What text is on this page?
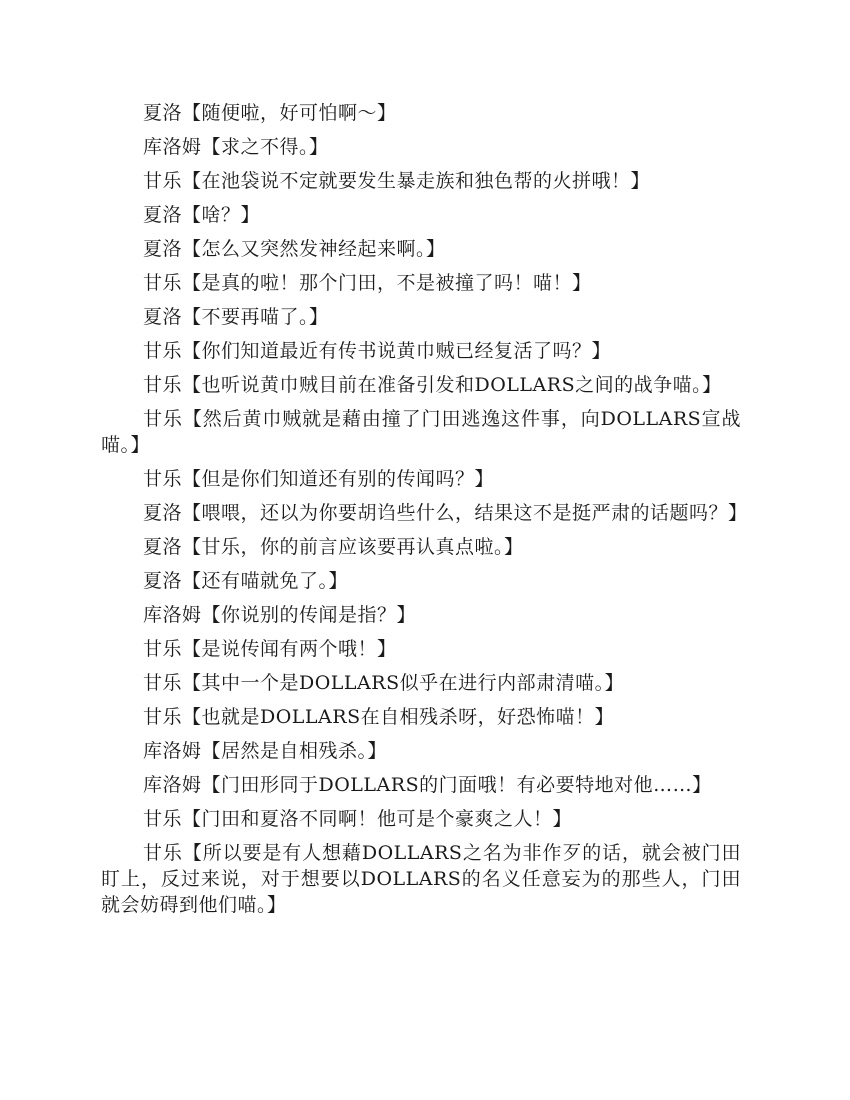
夏洛【随便啦，好可怕啊～】

库洛姆【求之不得。】

甘乐【在池袋说不定就要发生暴走族和独色帮的火拼哦！】

夏洛【啥？】

夏洛【怎么又突然发神经起来啊。】

甘乐【是真的啦！那个门田，不是被撞了吗！喵！】

夏洛【不要再喵了。】

甘乐【你们知道最近有传书说黄巾贼已经复活了吗？】

甘乐【也听说黄巾贼目前在准备引发和DOLLARS之间的战争喵。】

甘乐【然后黄巾贼就是藉由撞了门田逃逸这件事，向DOLLARS宣战喵。】

甘乐【但是你们知道还有别的传闻吗？】

夏洛【喂喂，还以为你要胡诌些什么，结果这不是挺严肃的话题吗？】

夏洛【甘乐，你的前言应该要再认真点啦。】

夏洛【还有喵就免了。】

库洛姆【你说别的传闻是指？】

甘乐【是说传闻有两个哦！】

甘乐【其中一个是DOLLARS似乎在进行内部肃清喵。】

甘乐【也就是DOLLARS在自相残杀呀，好恐怖喵！】

库洛姆【居然是自相残杀。】

库洛姆【门田形同于DOLLARS的门面哦！有必要特地对他……】

甘乐【门田和夏洛不同啊！他可是个豪爽之人！】

甘乐【所以要是有人想藉DOLLARS之名为非作歹的话，就会被门田盯上，反过来说，对于想要以DOLLARS的名义任意妄为的那些人，门田就会妨碍到他们喵。】
